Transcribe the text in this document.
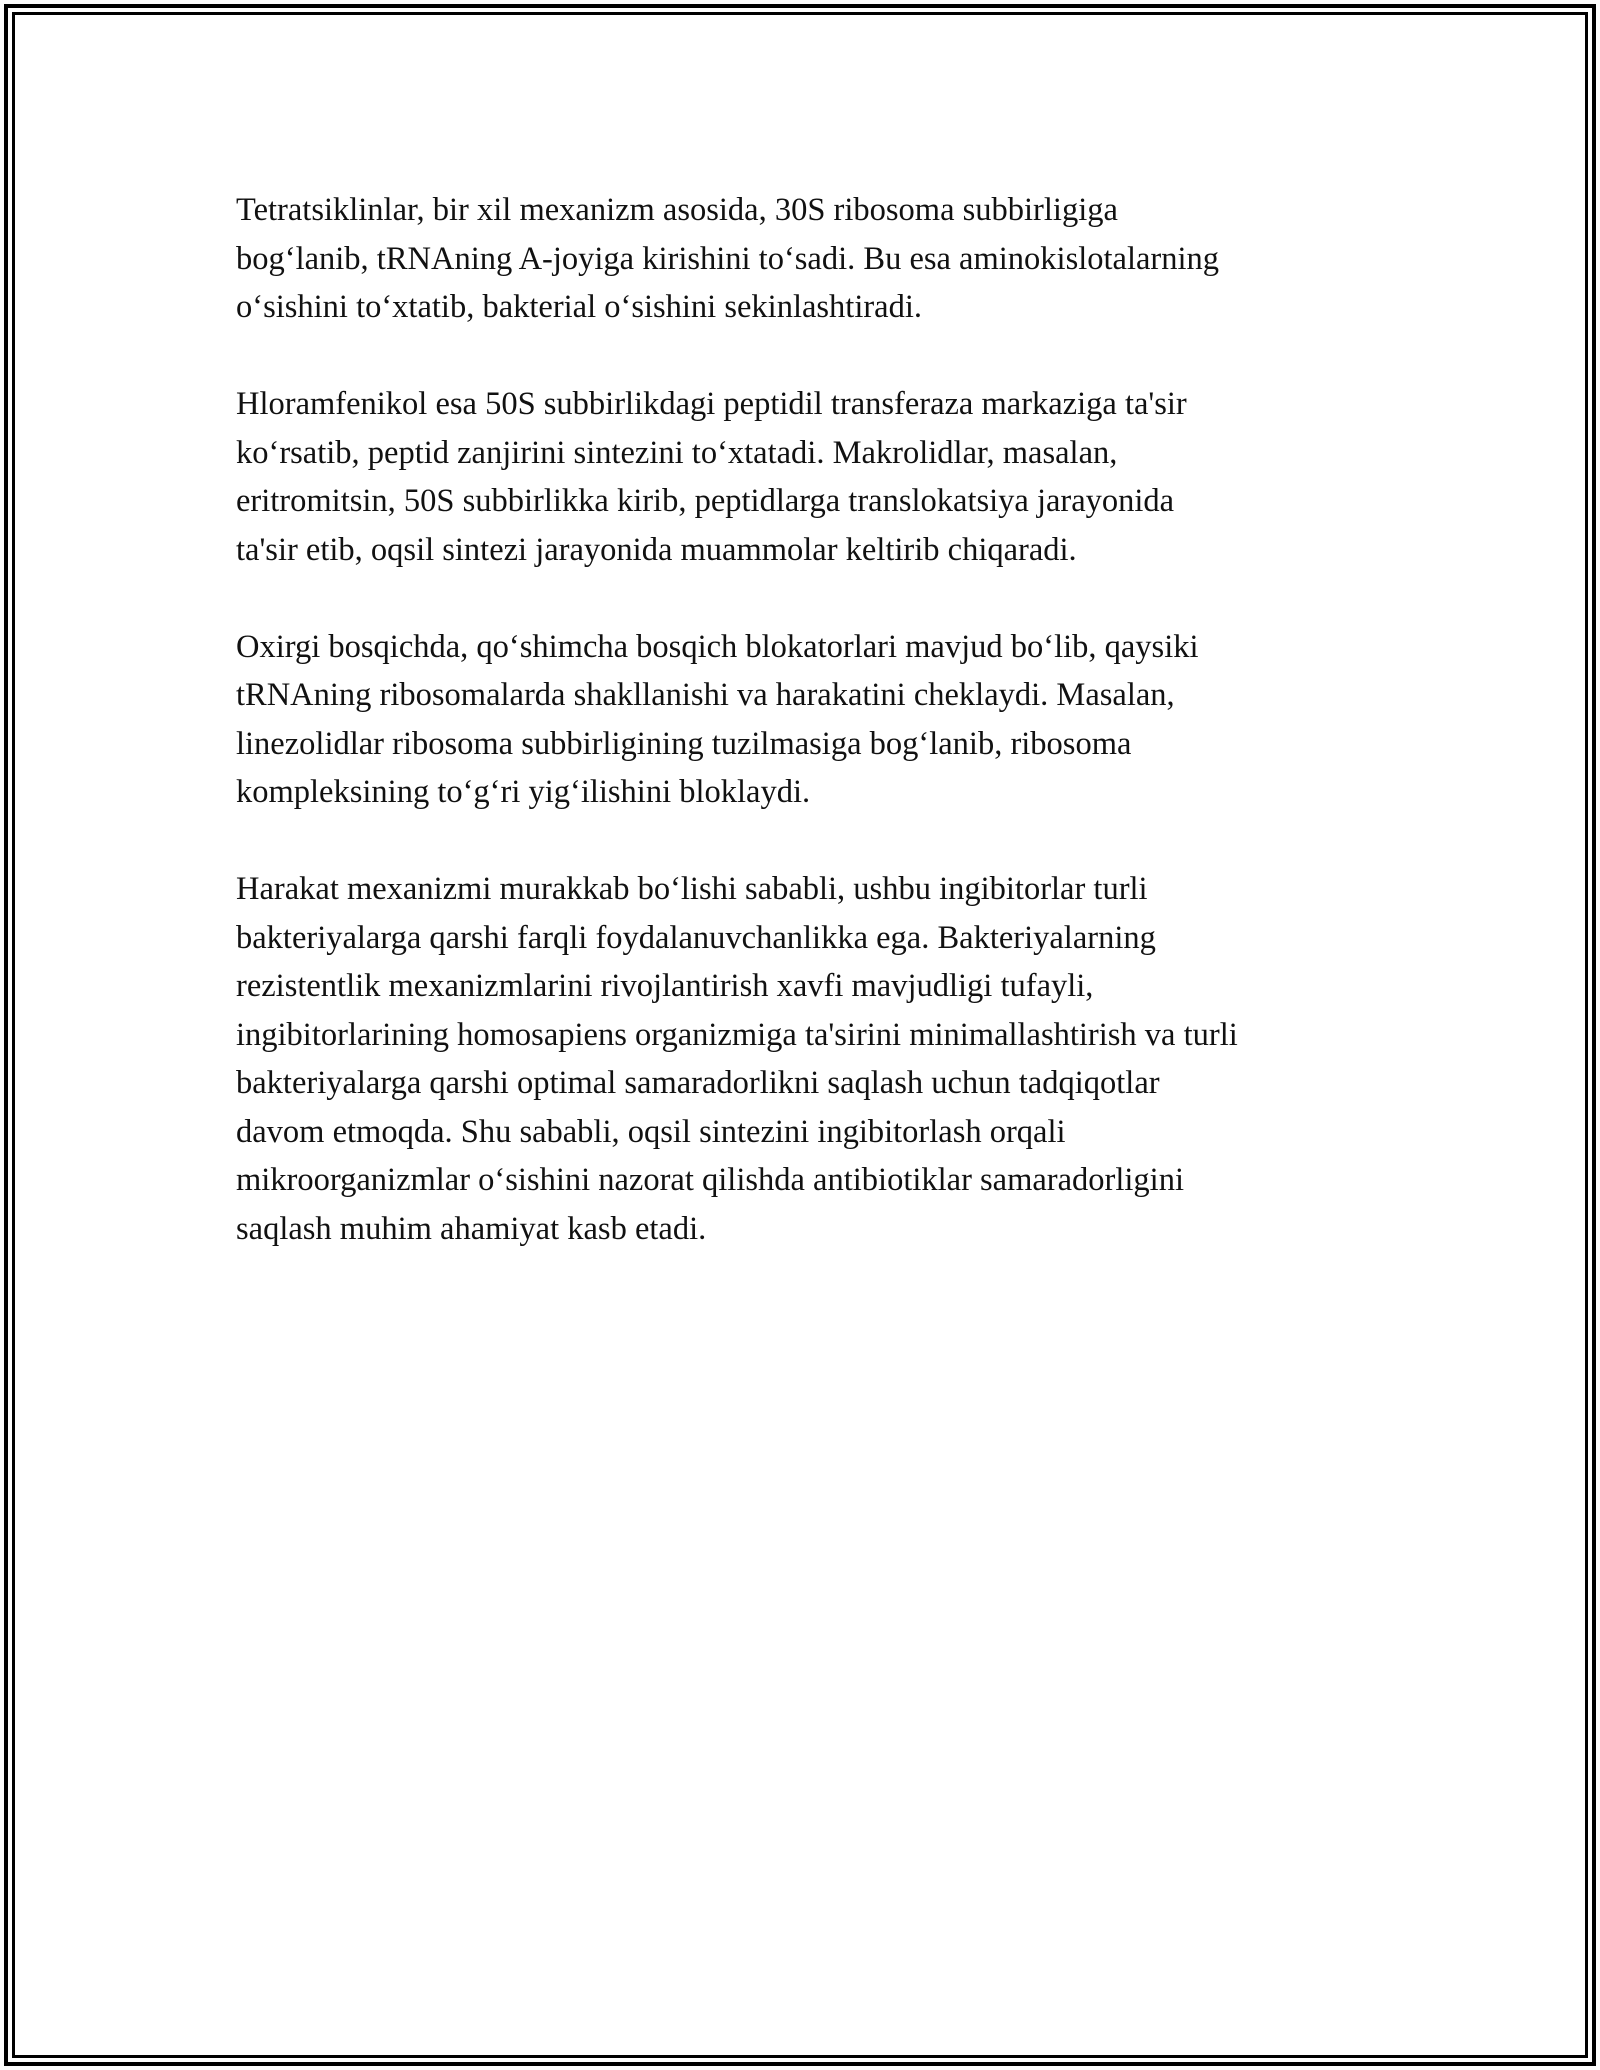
Tetratsiklinlar, bir xil mexanizm asosida, 30S ribosoma subbirligiga
bog‘lanib, tRNAning A-joyiga kirishini to‘sadi. Bu esa aminokislotalarning
o‘sishini to‘xtatib, bakterial o‘sishini sekinlashtiradi.

Hloramfenikol esa 50S subbirlikdagi peptidil transferaza markaziga ta'sir
ko‘rsatib, peptid zanjirini sintezini to‘xtatadi. Makrolidlar, masalan,
eritromitsin, 50S subbirlikka kirib, peptidlarga translokatsiya jarayonida
ta'sir etib, oqsil sintezi jarayonida muammolar keltirib chiqaradi.

Oxirgi bosqichda, qo‘shimcha bosqich blokatorlari mavjud bo‘lib, qaysiki
tRNAning ribosomalarda shakllanishi va harakatini cheklaydi. Masalan,
linezolidlar ribosoma subbirligining tuzilmasiga bog‘lanib, ribosoma
kompleksining to‘g‘ri yig‘ilishini bloklaydi.

Harakat mexanizmi murakkab bo‘lishi sababli, ushbu ingibitorlar turli
bakteriyalarga qarshi farqli foydalanuvchanlikka ega. Bakteriyalarning
rezistentlik mexanizmlarini rivojlantirish xavfi mavjudligi tufayli,
ingibitorlarining homosapiens organizmiga ta'sirini minimallashtirish va turli
bakteriyalarga qarshi optimal samaradorlikni saqlash uchun tadqiqotlar
davom etmoqda. Shu sababli, oqsil sintezini ingibitorlash orqali
mikroorganizmlar o‘sishini nazorat qilishda antibiotiklar samaradorligini
saqlash muhim ahamiyat kasb etadi.
